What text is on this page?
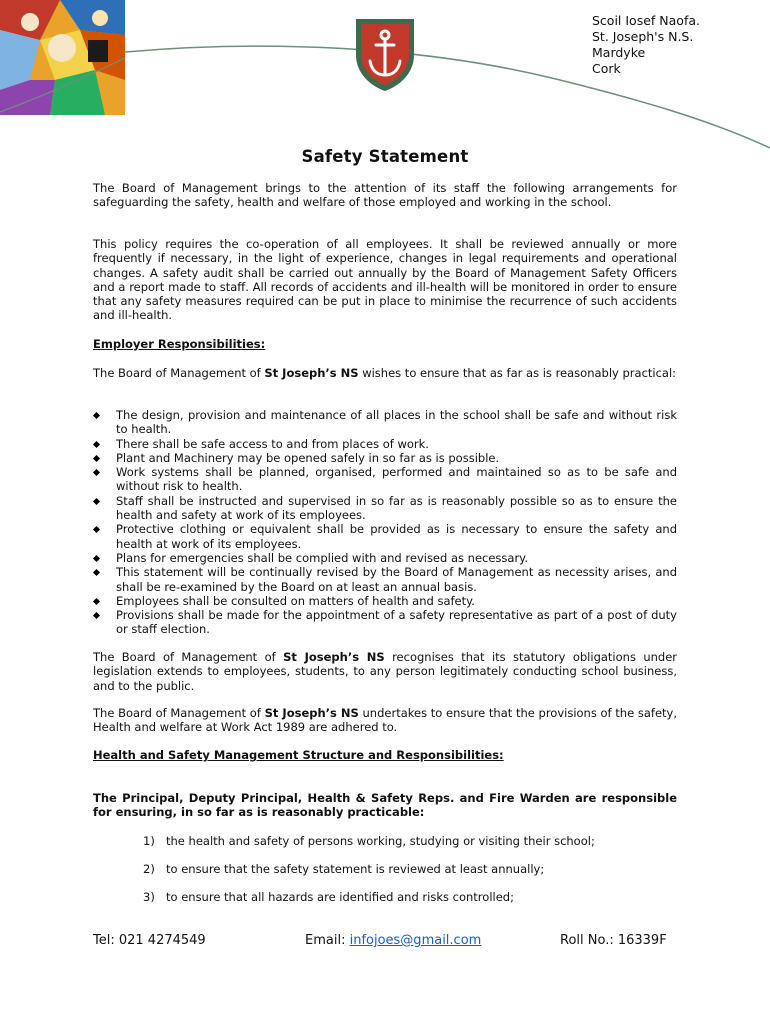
Scoil Iosef Naofa.
St. Joseph's N.S.
Mardyke
Cork
Safety Statement
The Board of Management brings to the attention of its staff the following arrangements for safeguarding the safety, health and welfare of those employed and working in the school.
This policy requires the co-operation of all employees. It shall be reviewed annually or more frequently if necessary, in the light of experience, changes in legal requirements and operational changes. A safety audit shall be carried out annually by the Board of Management Safety Officers and a report made to staff. All records of accidents and ill-health will be monitored in order to ensure that any safety measures required can be put in place to minimise the recurrence of such accidents and ill-health.
Employer Responsibilities:
The Board of Management of St Joseph’s NS wishes to ensure that as far as is reasonably practical:
The design, provision and maintenance of all places in the school shall be safe and without risk to health.
There shall be safe access to and from places of work.
Plant and Machinery may be opened safely in so far as is possible.
Work systems shall be planned, organised, performed and maintained so as to be safe and without risk to health.
Staff shall be instructed and supervised in so far as is reasonably possible so as to ensure the health and safety at work of its employees.
Protective clothing or equivalent shall be provided as is necessary to ensure the safety and health at work of its employees.
Plans for emergencies shall be complied with and revised as necessary.
This statement will be continually revised by the Board of Management as necessity arises, and shall be re-examined by the Board on at least an annual basis.
Employees shall be consulted on matters of health and safety.
Provisions shall be made for the appointment of a safety representative as part of a post of duty or staff election.
The Board of Management of St Joseph’s NS recognises that its statutory obligations under legislation extends to employees, students, to any person legitimately conducting school business, and to the public.
The Board of Management of St Joseph’s NS undertakes to ensure that the provisions of the safety, Health and welfare at Work Act 1989 are adhered to.
Health and Safety Management Structure and Responsibilities:
The Principal, Deputy Principal, Health & Safety Reps. and Fire Warden are responsible for ensuring, in so far as is reasonably practicable:
1) the health and safety of persons working, studying or visiting their school;
2) to ensure that the safety statement is reviewed at least annually;
3) to ensure that all hazards are identified and risks controlled;
Tel: 021 4274549	Email: infojoes@gmail.com	Roll No.: 16339F
